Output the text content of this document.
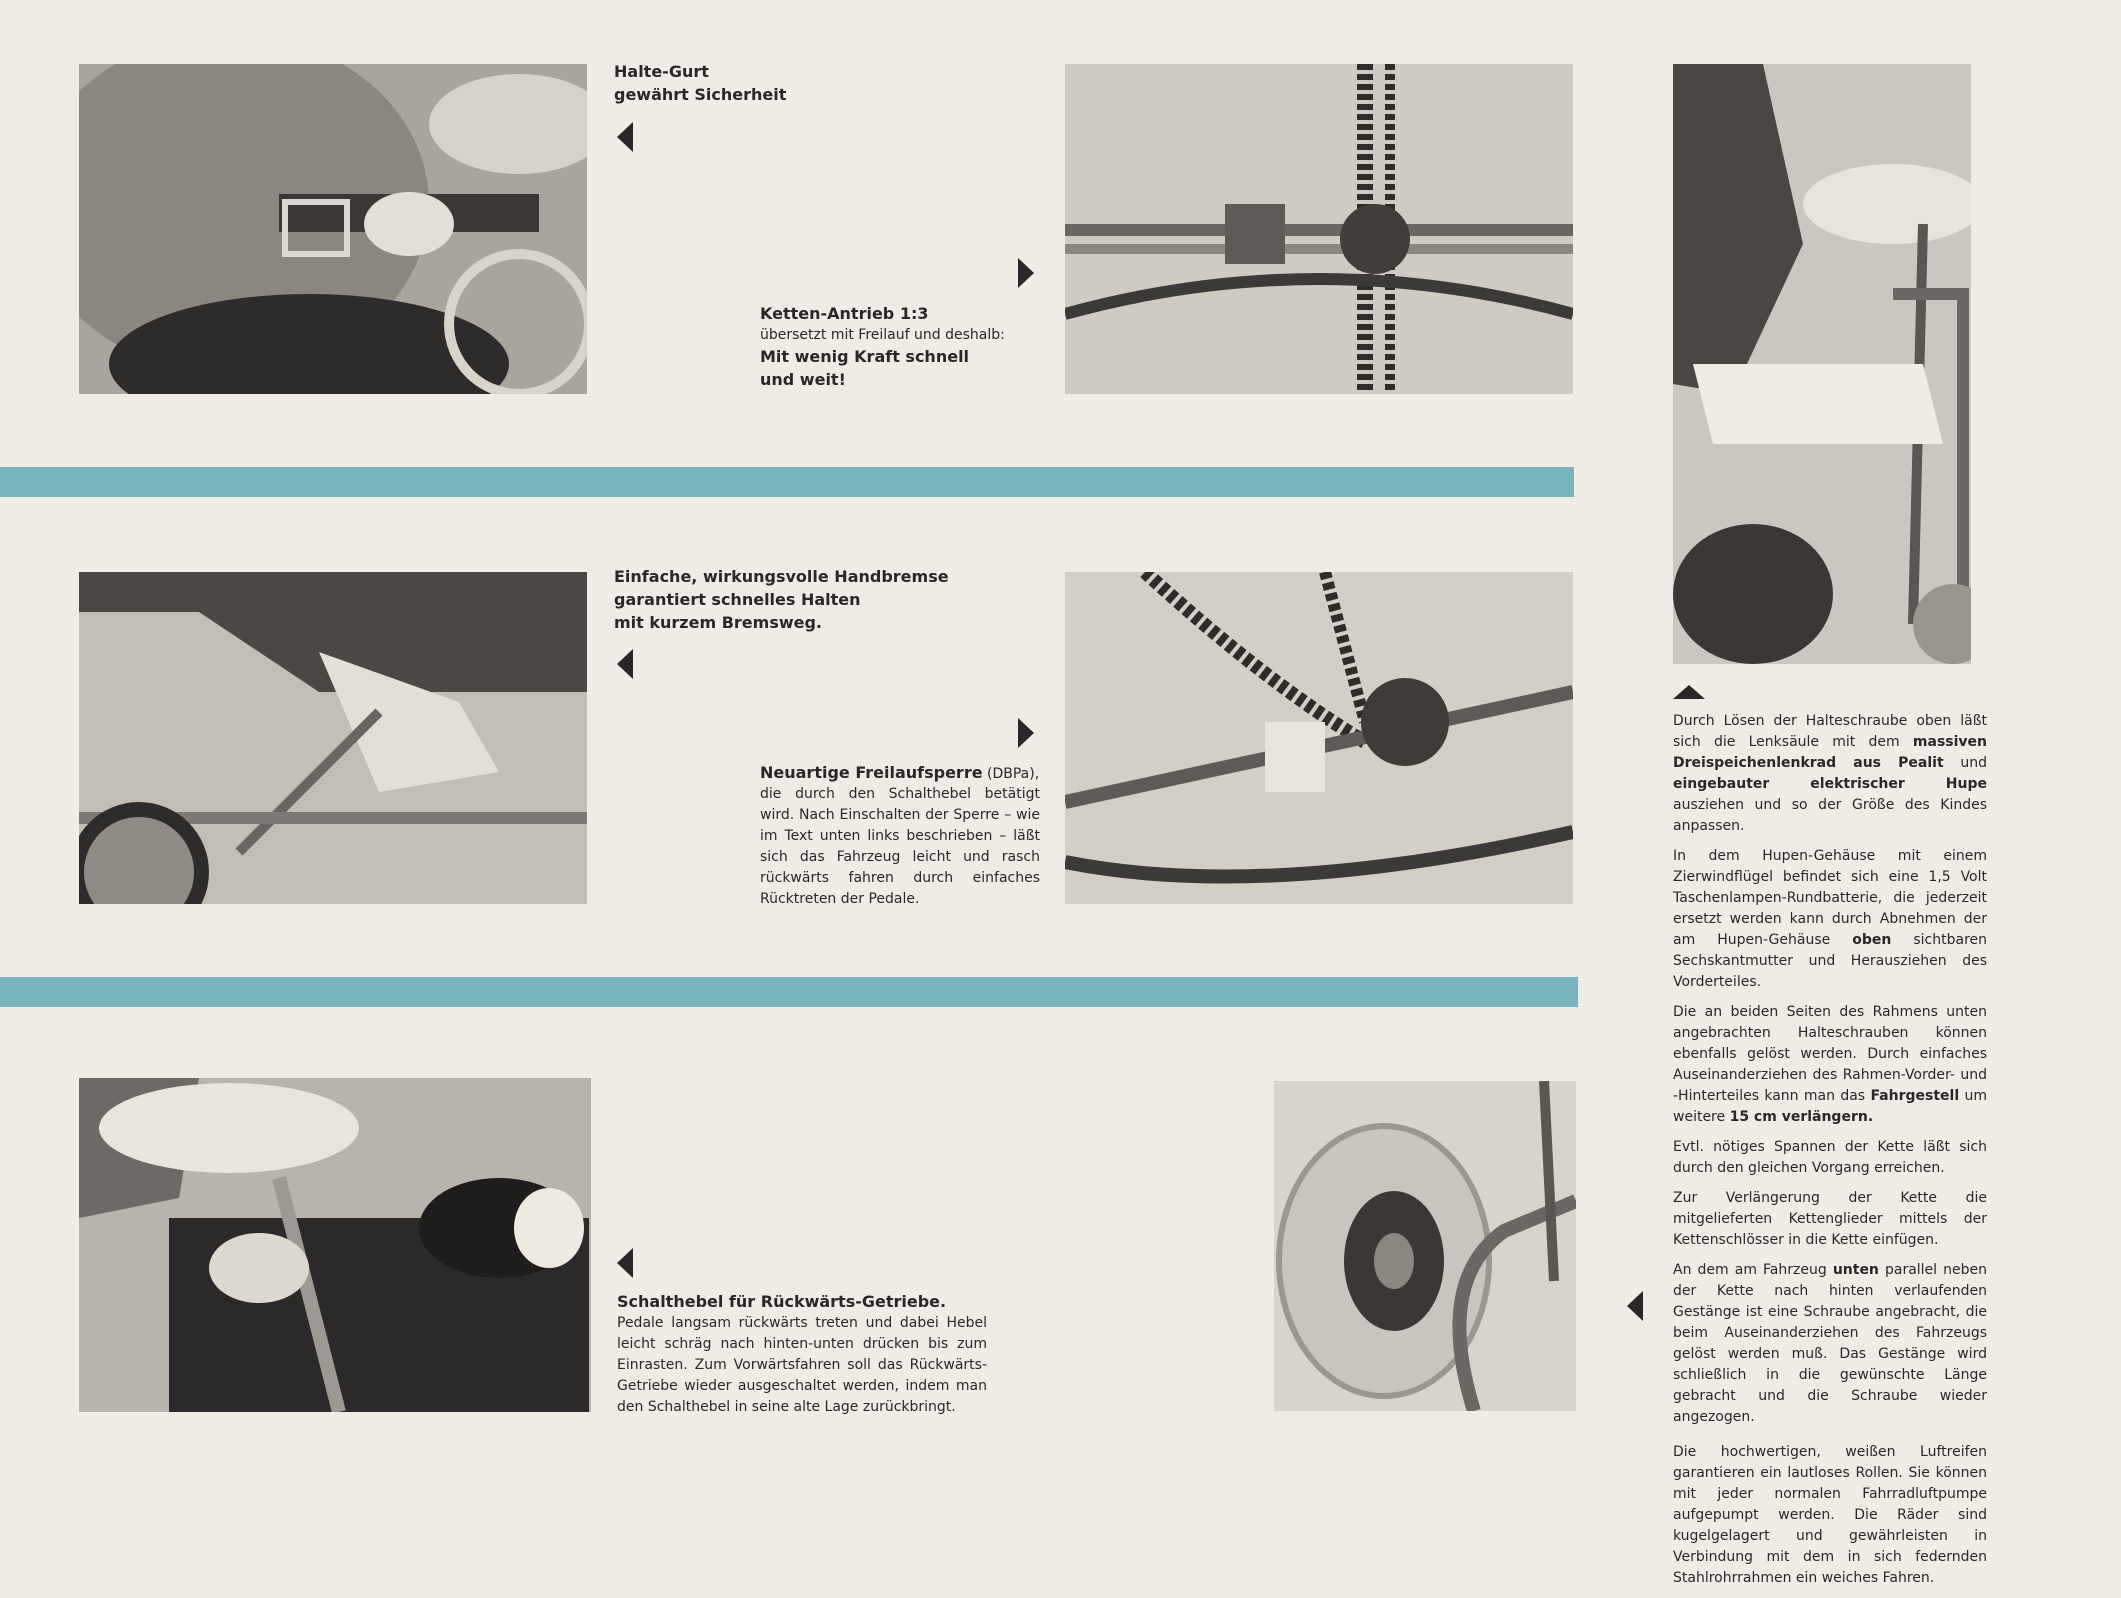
Halte-Gurt
gewährt Sicherheit
Ketten-Antrieb 1:3
übersetzt mit Freilauf und deshalb:
Mit wenig Kraft schnell
und weit!
Einfache, wirkungsvolle Handbremse
garantiert schnelles Halten
mit kurzem Bremsweg.
Neuartige Freilaufsperre (DBPa),
die durch den Schalthebel betätigt wird. Nach Einschalten der Sperre – wie im Text unten links beschrieben – läßt sich das Fahrzeug leicht und rasch rückwärts fahren durch einfaches Rücktreten der Pedale.
Schalthebel für Rückwärts-Getriebe.
Pedale langsam rückwärts treten und dabei Hebel leicht schräg nach hinten-unten drücken bis zum Einrasten. Zum Vorwärtsfahren soll das Rückwärts-Getriebe wieder ausgeschaltet werden, indem man den Schalthebel in seine alte Lage zurückbringt.

Durch Lösen der Halteschraube oben läßt sich die Lenksäule mit dem massiven Dreispeichenlenkrad aus Pealit und eingebauter elektrischer Hupe ausziehen und so der Größe des Kindes anpassen.

In dem Hupen-Gehäuse mit einem Zierwindflügel befindet sich eine 1,5 Volt Taschenlampen-Rundbatterie, die jederzeit ersetzt werden kann durch Abnehmen der am Hupen-Gehäuse oben sichtbaren Sechskantmutter und Herausziehen des Vorderteiles.

Die an beiden Seiten des Rahmens unten angebrachten Halteschrauben können ebenfalls gelöst werden. Durch einfaches Auseinanderziehen des Rahmen-Vorder- und -Hinterteiles kann man das Fahrgestell um weitere 15 cm verlängern.

Evtl. nötiges Spannen der Kette läßt sich durch den gleichen Vorgang erreichen.

Zur Verlängerung der Kette die mitgelieferten Kettenglieder mittels der Kettenschlösser in die Kette einfügen.

An dem am Fahrzeug unten parallel neben der Kette nach hinten verlaufenden Gestänge ist eine Schraube angebracht, die beim Auseinanderziehen des Fahrzeugs gelöst werden muß. Das Gestänge wird schließlich in die gewünschte Länge gebracht und die Schraube wieder angezogen.

Die hochwertigen, weißen Luftreifen garantieren ein lautloses Rollen. Sie können mit jeder normalen Fahrradluftpumpe aufgepumpt werden. Die Räder sind kugelgelagert und gewährleisten in Verbindung mit dem in sich federnden Stahlrohrrahmen ein weiches Fahren.
